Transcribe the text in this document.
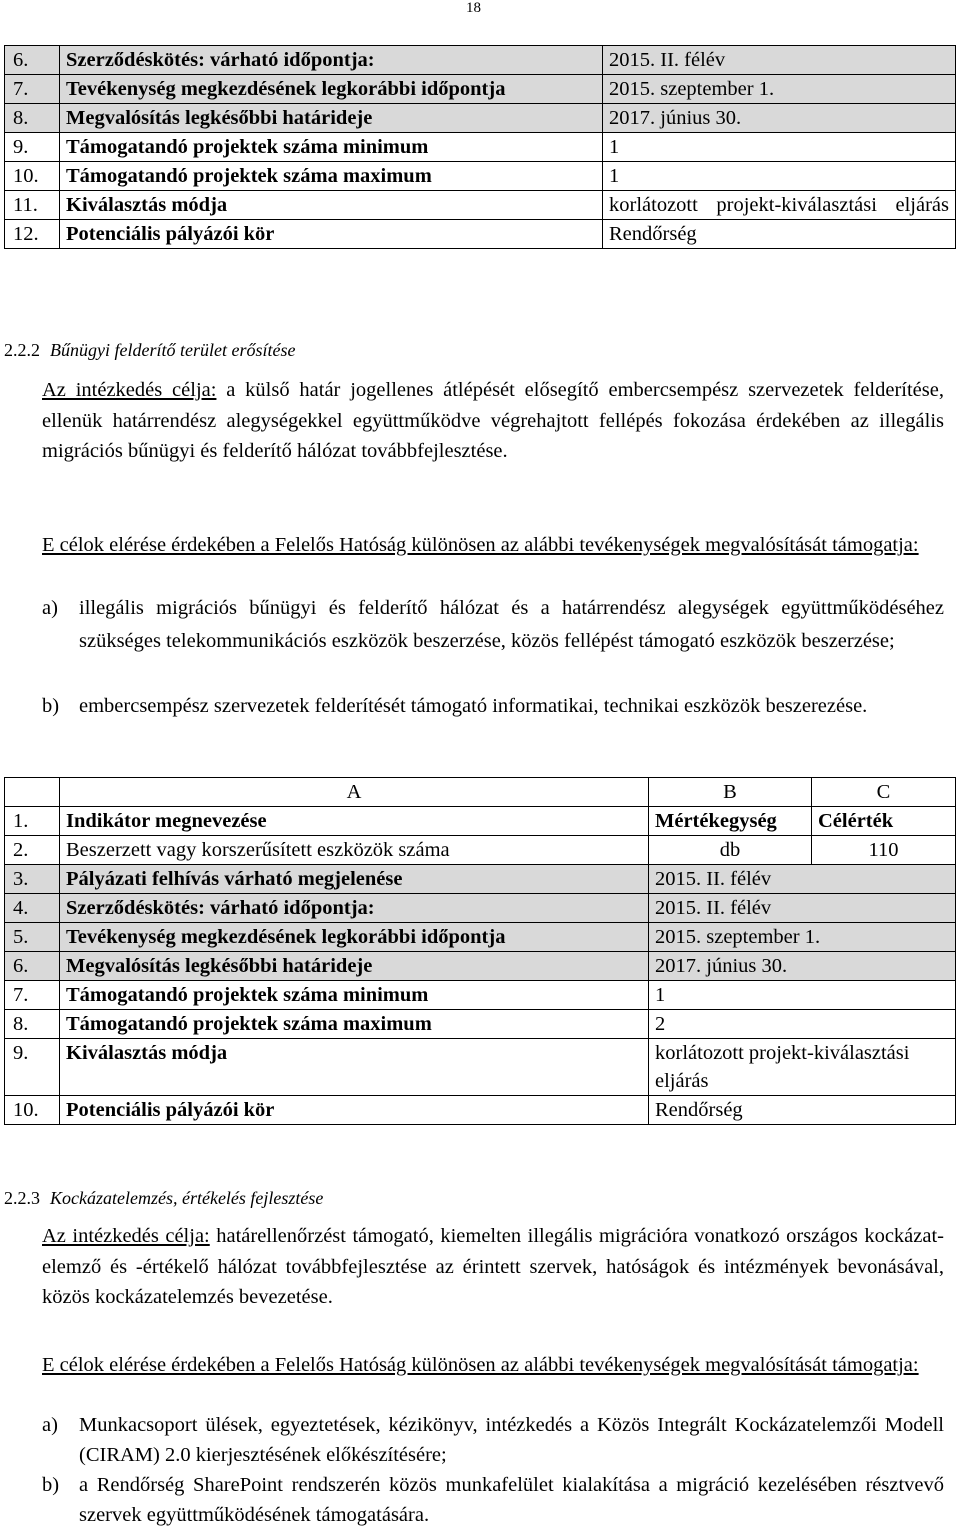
18
6.	Szerződéskötés: várható időpontja:	2015. II. félév
7.	Tevékenység megkezdésének legkorábbi időpontja	2015. szeptember 1.
8.	Megvalósítás legkésőbbi határideje	2017. június 30.
9.	Támogatandó projektek száma minimum	1
10.	Támogatandó projektek száma maximum	1
11.	Kiválasztás módja	korlátozott projekt-kiválasztási eljárás
12.	Potenciális pályázói kör	Rendőrség
2.2.2 Bűnügyi felderítő terület erősítése
Az intézkedés célja: a külső határ jogellenes átlépését elősegítő embercsempész szervezetek felderítése, ellenük határrendész alegységekkel együttműködve végrehajtott fellépés fokozása érdekében az illegális migrációs bűnügyi és felderítő hálózat továbbfejlesztése.
E célok elérése érdekében a Felelős Hatóság különösen az alábbi tevékenységek megvalósítását támogatja:
a) illegális migrációs bűnügyi és felderítő hálózat és a határrendész alegységek együttműködéséhez szükséges telekommunikációs eszközök beszerzése, közös fellépést támogató eszközök beszerzése;
b) embercsempész szervezetek felderítését támogató informatikai, technikai eszközök beszerezése.
	A	B	C
1.	Indikátor megnevezése	Mértékegység	Célérték
2.	Beszerzett vagy korszerűsített eszközök száma	db	110
3.	Pályázati felhívás várható megjelenése	2015. II. félév	
4.	Szerződéskötés: várható időpontja:	2015. II. félév	
5.	Tevékenység megkezdésének legkorábbi időpontja	2015. szeptember 1.	
6.	Megvalósítás legkésőbbi határideje	2017. június 30.	
7.	Támogatandó projektek száma minimum	1	
8.	Támogatandó projektek száma maximum	2	
9.	Kiválasztás módja	korlátozott projekt-kiválasztási eljárás	
10.	Potenciális pályázói kör	Rendőrség	
2.2.3 Kockázatelemzés, értékelés fejlesztése
Az intézkedés célja: határellenőrzést támogató, kiemelten illegális migrációra vonatkozó országos kockázat-elemző és -értékelő hálózat továbbfejlesztése az érintett szervek, hatóságok és intézmények bevonásával, közös kockázatelemzés bevezetése.
E célok elérése érdekében a Felelős Hatóság különösen az alábbi tevékenységek megvalósítását támogatja:
a) Munkacsoport ülések, egyeztetések, kézikönyv, intézkedés a Közös Integrált Kockázatelemzői Modell (CIRAM) 2.0 kierjesztésének előkészítésére;
b) a Rendőrség SharePoint rendszerén közös munkafelület kialakítása a migráció kezelésében résztvevő szervek együttműködésének támogatására.
